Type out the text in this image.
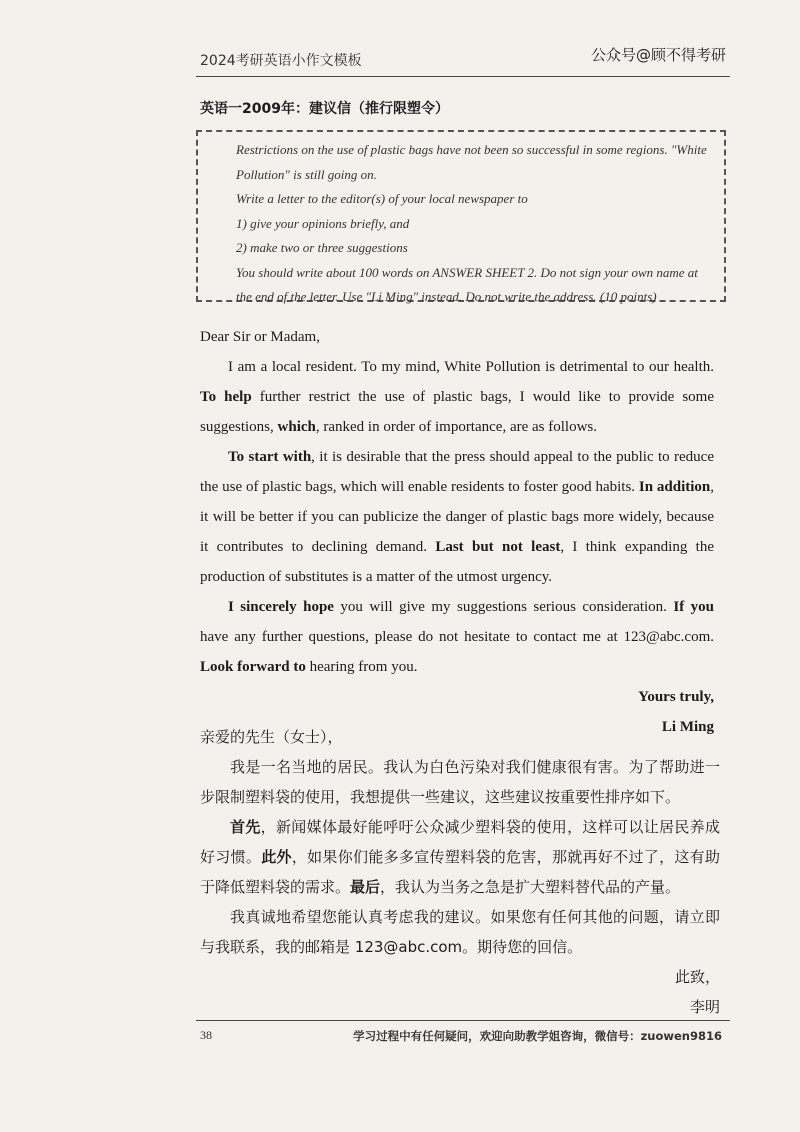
2024考研英语小作文模板	公众号@顾不得考研
英语一2009年：建议信（推行限塑令）

Restrictions on the use of plastic bags have not been so successful in some regions. "White Pollution" is still going on.

Write a letter to the editor(s) of your local newspaper to

1) give your opinions briefly, and

2) make two or three suggestions

You should write about 100 words on ANSWER SHEET 2. Do not sign your own name at the end of the letter. Use "Li Ming" instead. Do not write the address. (10 points)

Dear Sir or Madam,

I am a local resident. To my mind, White Pollution is detrimental to our health. To help further restrict the use of plastic bags, I would like to provide some suggestions, which, ranked in order of importance, are as follows.

To start with, it is desirable that the press should appeal to the public to reduce the use of plastic bags, which will enable residents to foster good habits. In addition, it will be better if you can publicize the danger of plastic bags more widely, because it contributes to declining demand. Last but not least, I think expanding the production of substitutes is a matter of the utmost urgency.

I sincerely hope you will give my suggestions serious consideration. If you have any further questions, please do not hesitate to contact me at 123@abc.com. Look forward to hearing from you.

Yours truly,

Li Ming

亲爱的先生（女士），

我是一名当地的居民。我认为白色污染对我们健康很有害。为了帮助进一步限制塑料袋的使用，我想提供一些建议，这些建议按重要性排序如下。

首先，新闻媒体最好能呼吁公众减少塑料袋的使用，这样可以让居民养成好习惯。此外，如果你们能多多宣传塑料袋的危害，那就再好不过了，这有助于降低塑料袋的需求。最后，我认为当务之急是扩大塑料替代品的产量。

我真诚地希望您能认真考虑我的建议。如果您有任何其他的问题，请立即与我联系，我的邮箱是 123@abc.com。期待您的回信。

此致，

李明

38	学习过程中有任何疑问，欢迎向助教学姐咨询，微信号：zuowen9816
